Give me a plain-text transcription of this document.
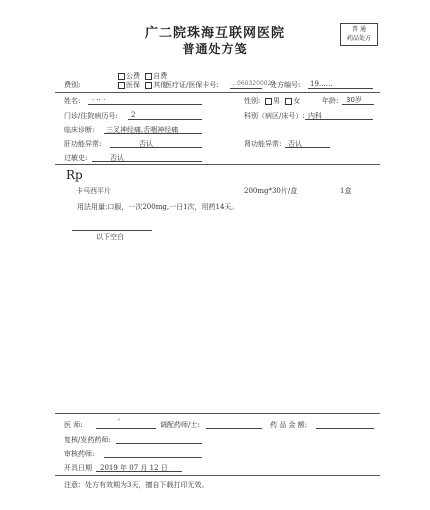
广二院珠海互联网医院
普通处方笺
普 通
药品处方
公费 自费
费别:	医保 其他
医疗证/医保卡号: …0603200023
处方编号: 19……
姓名: · ·· ·	性别:	男 女	年龄: 30岁
门诊/住院病历号: 2	科别（病区/床号）: 内科
临床诊断: 三叉神经痛,舌咽神经痛
肝功能异常:	否认	肾功能异常: 否认
过敏史:	否认
Rp
卡马西平片	200mg*30片/盒	1盒
用法用量:口服，一次200mg,一日1次，用药14天。
以下空白
医 师:	'	调配药师/士:	药 品 金 额:
复核/发药药师:
审核药师:
开具日期 2019 年 07 月 12 日
注意：处方有效期为3天，擅自下载打印无效。
